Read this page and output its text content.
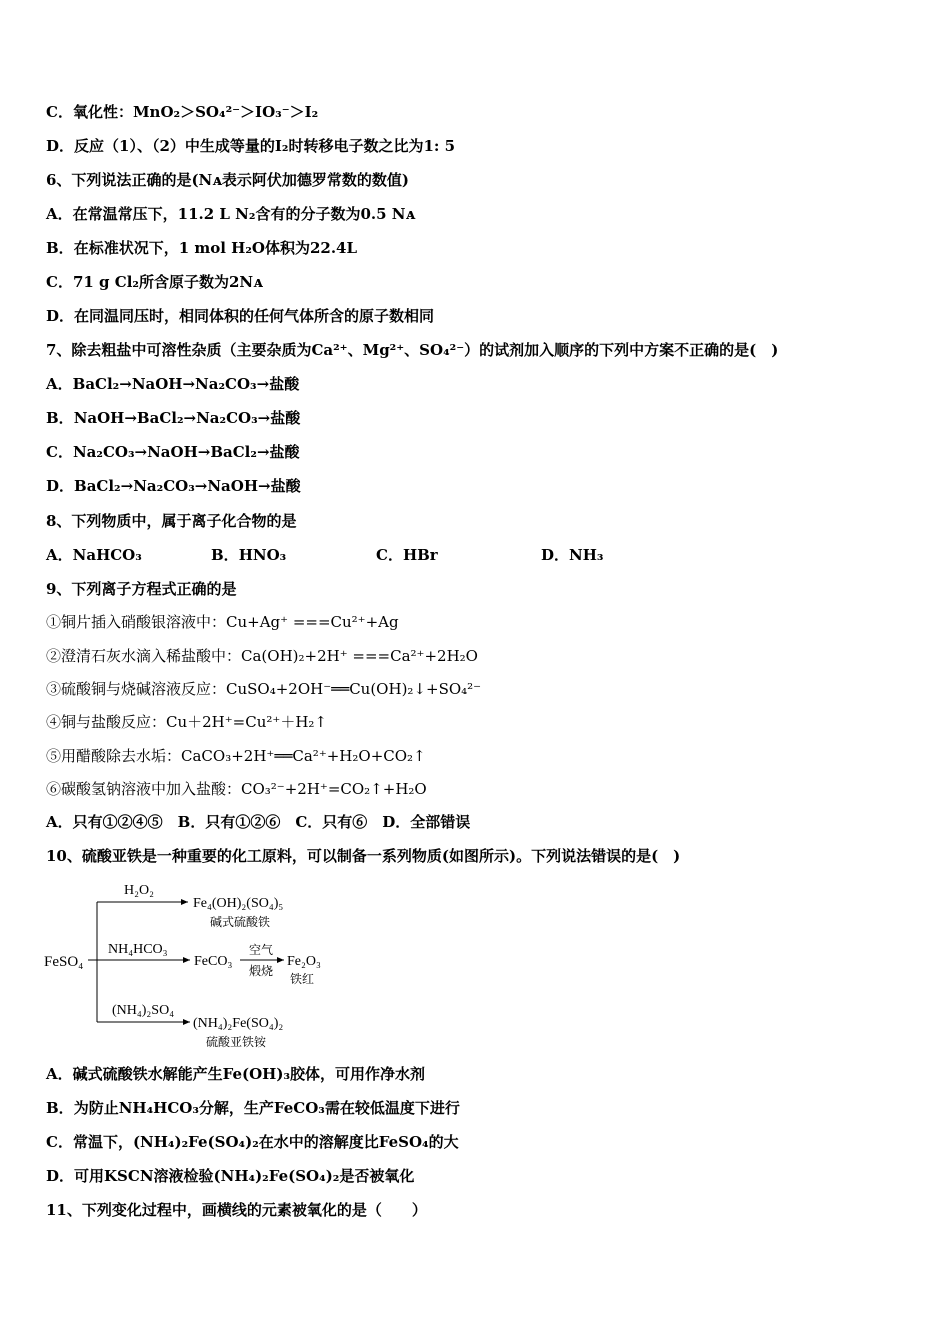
C．氧化性：MnO₂＞SO₄²⁻＞IO₃⁻＞I₂
D．反应（1）、（2）中生成等量的I₂时转移电子数之比为1: 5
6、下列说法正确的是(Nᴀ表示阿伏加德罗常数的数值)
A．在常温常压下，11.2 L N₂含有的分子数为0.5 Nᴀ
B．在标准状况下，1 mol H₂O体积为22.4L
C．71 g Cl₂所含原子数为2Nᴀ
D．在同温同压时，相同体积的任何气体所含的原子数相同
7、除去粗盐中可溶性杂质（主要杂质为Ca²⁺、Mg²⁺、SO₄²⁻）的试剂加入顺序的下列中方案不正确的是(　)
A．BaCl₂→NaOH→Na₂CO₃→盐酸
B．NaOH→BaCl₂→Na₂CO₃→盐酸
C．Na₂CO₃→NaOH→BaCl₂→盐酸
D．BaCl₂→Na₂CO₃→NaOH→盐酸
8、下列物质中，属于离子化合物的是
A．NaHCO₃	B．HNO₃	C．HBr	D．NH₃
9、下列离子方程式正确的是
①铜片插入硝酸银溶液中：Cu+Ag⁺ ===Cu²⁺+Ag
②澄清石灰水滴入稀盐酸中：Ca(OH)₂+2H⁺ ===Ca²⁺+2H₂O
③硫酸铜与烧碱溶液反应：CuSO₄+2OH⁻══Cu(OH)₂↓+SO₄²⁻
④铜与盐酸反应：Cu＋2H⁺=Cu²⁺＋H₂↑
⑤用醋酸除去水垢：CaCO₃+2H⁺══Ca²⁺+H₂O+CO₂↑
⑥碳酸氢钠溶液中加入盐酸：CO₃²⁻+2H⁺=CO₂↑+H₂O
A．只有①②④⑤　B．只有①②⑥　C．只有⑥　D．全部错误
10、硫酸亚铁是一种重要的化工原料，可以制备一系列物质(如图所示)。下列说法错误的是(　)
FeSO₄
H₂O₂
Fe₄(OH)₂(SO₄)₅
碱式硫酸铁
NH₄HCO₃
FeCO₃
空气
煅烧
Fe₂O₃
铁红
(NH₄)₂SO₄
(NH₄)₂Fe(SO₄)₂
硫酸亚铁铵
A．碱式硫酸铁水解能产生Fe(OH)₃胶体，可用作净水剂
B．为防止NH₄HCO₃分解，生产FeCO₃需在较低温度下进行
C．常温下，(NH₄)₂Fe(SO₄)₂在水中的溶解度比FeSO₄的大
D．可用KSCN溶液检验(NH₄)₂Fe(SO₄)₂是否被氧化
11、下列变化过程中，画横线的元素被氧化的是（　　）
